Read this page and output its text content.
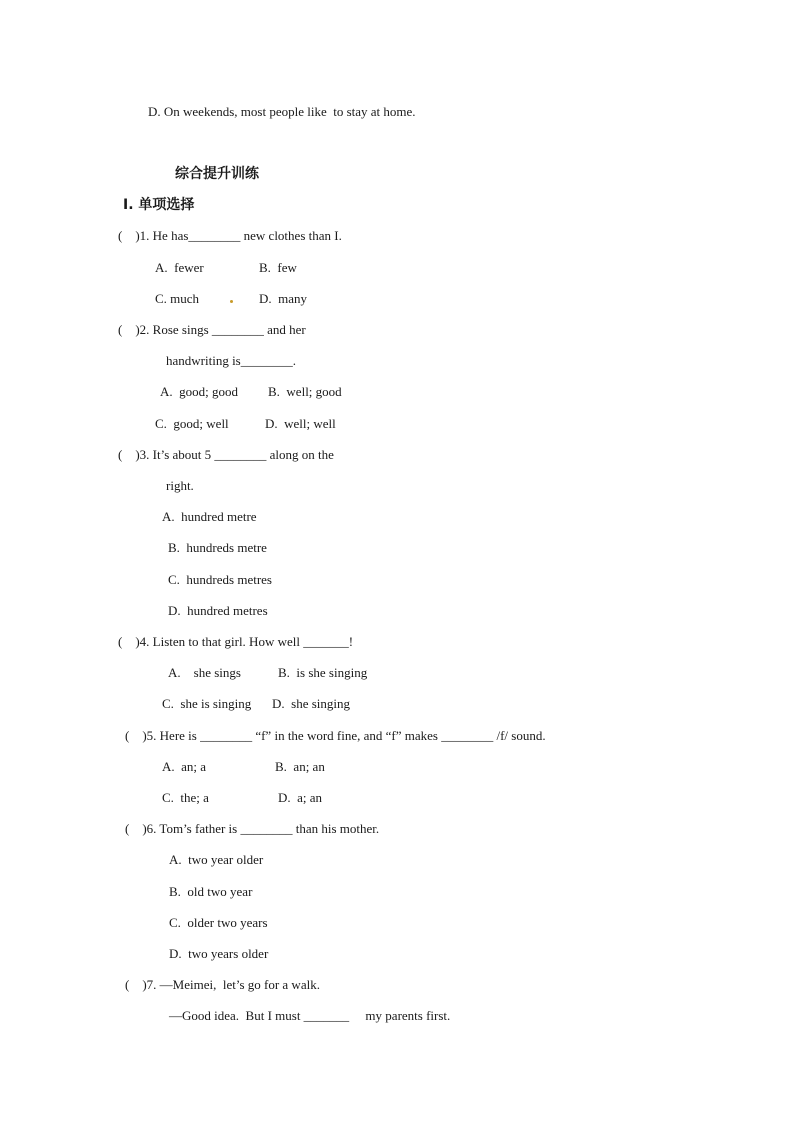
D. On weekends, most people like  to stay at home.
综合提升训练
Ⅰ. 单项选择
(    )1. He has________ new clothes than I.
A.  fewer	B.  few
C. much	D.  many
(    )2. Rose sings ________ and her
handwriting is________.
A.  good; good B.  well; good
C.  good; well	D.  well; well
(    )3. It’s about 5 ________ along on the
right.
A.  hundred metre
B.  hundreds metre
C.  hundreds metres
D.  hundred metres
(    )4. Listen to that girl. How well _______!
A.    she sings	B.  is she singing
C.  she is singing D.  she singing
(    )5. Here is ________ “f” in the word fine, and “f” makes ________ /f/ sound.
A.  an; a	B.  an; an
C.  the; a	D.  a; an
(    )6. Tom’s father is ________ than his mother.
A.  two year older
B.  old two year
C.  older two years
D.  two years older
(    )7. —Meimei,  let’s go for a walk.
—Good idea.  But I must _______     my parents first.
